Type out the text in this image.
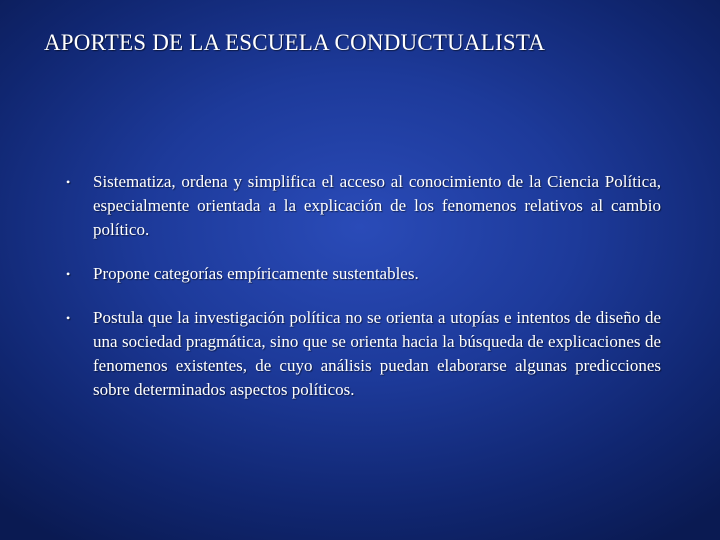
APORTES DE LA ESCUELA CONDUCTUALISTA
•	Sistematiza, ordena y simplifica el acceso al conocimiento de la Ciencia Política, especialmente orientada a la explicación de los fenomenos relativos al cambio político.
•	Propone categorías empíricamente sustentables.
•	Postula que la investigación política no se orienta a utopías e intentos de diseño de una sociedad pragmática, sino que se orienta hacia la búsqueda de explicaciones de fenomenos existentes, de cuyo análisis puedan elaborarse algunas predicciones sobre determinados aspectos políticos.
